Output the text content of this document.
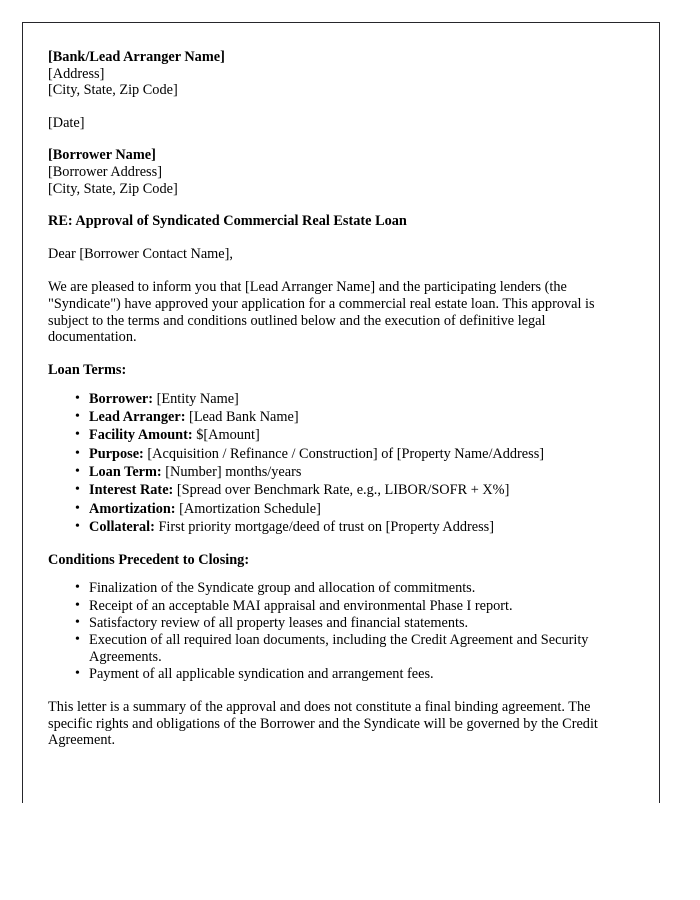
[Bank/Lead Arranger Name]
[Address]
[City, State, Zip Code]
[Date]
[Borrower Name]
[Borrower Address]
[City, State, Zip Code]
RE: Approval of Syndicated Commercial Real Estate Loan
Dear [Borrower Contact Name],

We are pleased to inform you that [Lead Arranger Name] and the participating lenders (the "Syndicate") have approved your application for a commercial real estate loan. This approval is subject to the terms and conditions outlined below and the execution of definitive legal documentation.

Loan Terms:
• Borrower: [Entity Name]
• Lead Arranger: [Lead Bank Name]
• Facility Amount: $[Amount]
• Purpose: [Acquisition / Refinance / Construction] of [Property Name/Address]
• Loan Term: [Number] months/years
• Interest Rate: [Spread over Benchmark Rate, e.g., LIBOR/SOFR + X%]
• Amortization: [Amortization Schedule]
• Collateral: First priority mortgage/deed of trust on [Property Address]
Conditions Precedent to Closing:
• Finalization of the Syndicate group and allocation of commitments.
• Receipt of an acceptable MAI appraisal and environmental Phase I report.
• Satisfactory review of all property leases and financial statements.
• Execution of all required loan documents, including the Credit Agreement and Security Agreements.
• Payment of all applicable syndication and arrangement fees.

This letter is a summary of the approval and does not constitute a final binding agreement. The specific rights and obligations of the Borrower and the Syndicate will be governed by the Credit Agreement.
